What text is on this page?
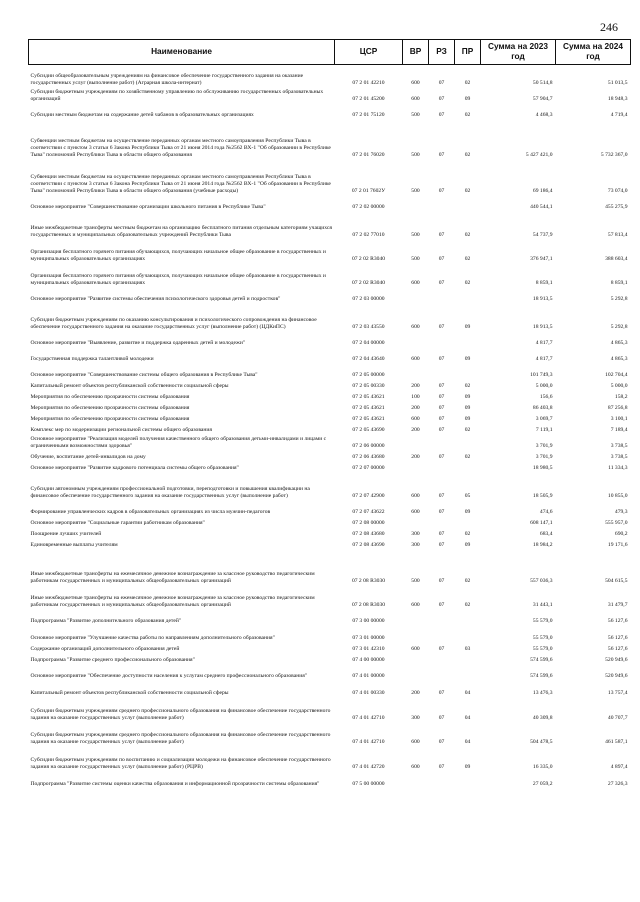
246
Наименование	ЦСР	ВР	РЗ	ПР	Сумма на 2023 год	Сумма на 2024 год
Субсидии общеобразовательным учреждениям на финансовое обеспечение государственного задания на оказание государственных услуг (выполнение работ) (Аграрная школа-интернат)	07 2 01 42210	600	07	02	50 514,8	51 013,5
Субсидии бюджетным учреждениям по хозяйственному управлению по обслуживанию государственных образовательных организаций	07 2 01 45200	600	07	09	57 904,7	18 948,3
Субсидии местным бюджетам на содержание детей чабанов в образовательных организациях	07 2 01 75120	500	07	02	4 468,3	4 719,4
Субвенции местным бюджетам на осуществление переданных органам местного самоуправления Республики Тыва в соответствии с пунктом 3 статьи 6 Закона Республики Тыва от 21 июня 2014 года №2562 ВХ-1 "Об образовании в Республике Тыва" полномочий Республики Тыва в области общего образования	07 2 01 76020	500	07	02	5 427 421,0	5 732 367,0
Субвенции местным бюджетам на осуществление переданных органам местного самоуправления Республики Тыва в соответствии с пунктом 3 статьи 6 Закона Республики Тыва от 21 июня 2014 года №2562 ВХ-1 "Об образовании в Республике Тыва" полномочий Республики Тыва в области общего образования (учебные расходы)	07 2 01 7602У	500	07	02	69 186,4	73 074,0
Основное мероприятие "Совершенствование организации школьного питания в Республике Тыва"	07 2 02 00000				440 544,1	455 275,9
Иные межбюджетные трансферты местным бюджетам на организацию бесплатного питания отдельным категориям учащихся государственных и муниципальных образовательных учреждений Республики Тыва	07 2 02 77010	500	07	02	54 737,9	57 813,4
Организация бесплатного горячего питания обучающихся, получающих начальное общее образование в государственных и муниципальных образовательных организациях	07 2 02 R3040	500	07	02	376 947,1	388 603,4
Организация бесплатного горячего питания обучающихся, получающих начальное общее образование в государственных и муниципальных образовательных организациях	07 2 02 R3040	600	07	02	8 859,1	8 859,1
Основное мероприятие "Развитие системы обеспечения психологического здоровья детей и подростков"	07 2 03 00000				18 913,5	5 292,8
Субсидии бюджетным учреждениям по оказанию консультирования и психологического сопровождения на финансовое обеспечение государственного задания на оказание государственных услуг (выполнение работ) (ЦДКиПС)	07 2 03 43550	600	07	09	18 913,5	5 292,8
Основное мероприятие "Выявление, развитие и поддержка одаренных детей и молодежи"	07 2 04 00000				4 817,7	4 865,3
Государственная поддержка талантливой молодежи	07 2 04 43640	600	07	09	4 817,7	4 865,3
Основное мероприятие "Совершенствование системы общего образования в Республике Тыва"	07 2 05 00000				101 749,3	102 704,4
Капитальный ремонт объектов республиканской собственности социальной сферы	07 2 05 00330	200	07	02	5 000,0	5 000,0
Мероприятия по обеспечению прозрачности системы образования	07 2 05 43621	100	07	09	156,6	158,2
Мероприятия по обеспечению прозрачности системы образования	07 2 05 43621	200	07	09	86 403,8	87 256,8
Мероприятия по обеспечению прозрачности системы образования	07 2 05 43621	600	07	09	3 069,7	3 100,1
Комплекс мер по модернизации региональной системы общего образования	07 2 05 43690	200	07	02	7 119,1	7 189,4
Основное мероприятие "Реализация моделей получения качественного общего образования детьми-инвалидами и лицами с ограниченными возможностями здоровья"	07 2 06 00000				3 701,9	3 738,5
Обучение, воспитание детей-инвалидов на дому	07 2 06 43680	200	07	02	3 701,9	3 738,5
Основное мероприятие "Развитие кадрового потенциала системы общего образования"	07 2 07 00000				18 980,5	11 334,3
Субсидии автономным учреждениям профессиональной подготовки, переподготовки и повышения квалификации на финансовое обеспечение государственного задания на оказание государственных услуг (выполнение работ)	07 2 07 42900	600	07	05	18 505,9	10 855,0
Формирование управленческих кадров в образовательных организациях из числа мужчин-педагогов	07 2 07 43622	600	07	09	474,6	479,3
Основное мероприятие "Социальные гарантии работникам образования"	07 2 08 00000				608 147,1	555 957,0
Поощрение лучших учителей	07 2 08 43680	300	07	02	683,4	690,2
Единовременные выплаты учителям	07 2 08 43690	300	07	09	18 984,2	19 171,6
Иные межбюджетные трансферты на ежемесячное денежное вознаграждение за классное руководство педагогическим работникам государственных и муниципальных общеобразовательных организаций	07 2 08 R3030	500	07	02	557 036,3	504 615,5
Иные межбюджетные трансферты на ежемесячное денежное вознаграждение за классное руководство педагогическим работникам государственных и муниципальных общеобразовательных организаций	07 2 08 R3030	600	07	02	31 443,1	31 479,7
Подпрограмма "Развитие дополнительного образования детей"	07 3 00 00000				55 579,0	56 127,6
Основное мероприятие "Улучшение качества работы по направлениям дополнительного образования"	07 3 01 00000				55 579,0	56 127,6
Содержание организаций дополнительного образования детей	07 3 01 42310	600	07	03	55 579,0	56 127,6
Подпрограмма "Развитие среднего профессионального образования"	07 4 00 00000				574 599,6	520 949,6
Основное мероприятие "Обеспечение доступности населения к услугам среднего профессионального образования"	07 4 01 00000				574 599,6	520 949,6
Капитальный ремонт объектов республиканской собственности социальной сферы	07 4 01 00330	200	07	04	13 476,3	13 757,4
Субсидии бюджетным учреждениям среднего профессионального образования на финансовое обеспечение государственного задания на оказание государственных услуг (выполнение работ)	07 4 01 42710	300	07	04	40 309,8	40 707,7
Субсидии бюджетным учреждениям среднего профессионального образования на финансовое обеспечение государственного задания на оказание государственных услуг (выполнение работ)	07 4 01 42710	600	07	04	504 478,5	461 587,1
Субсидии бюджетным учреждениям по воспитанию и социализации молодежи на финансовое обеспечение государственного задания на оказание государственных услуг (выполнение работ) (РЦРВ)	07 4 01 42720	600	07	09	16 335,0	4 897,4
Подпрограмма "Развитие системы оценки качества образования и информационной прозрачности системы образования"	07 5 00 00000				27 059,2	27 326,3
